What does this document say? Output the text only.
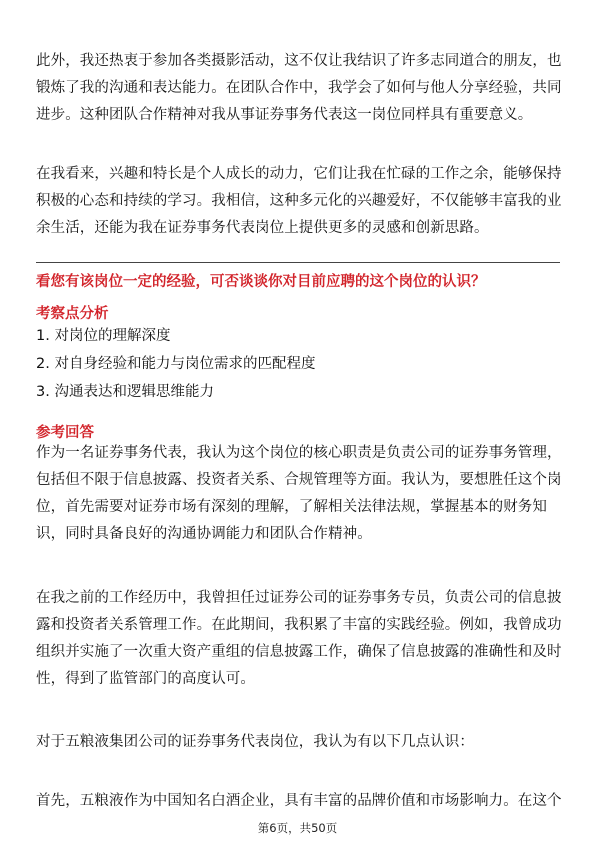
此外，我还热衷于参加各类摄影活动，这不仅让我结识了许多志同道合的朋友，也
锻炼了我的沟通和表达能力。在团队合作中，我学会了如何与他人分享经验，共同
进步。这种团队合作精神对我从事证券事务代表这一岗位同样具有重要意义。

在我看来，兴趣和特长是个人成长的动力，它们让我在忙碌的工作之余，能够保持
积极的心态和持续的学习。我相信，这种多元化的兴趣爱好，不仅能够丰富我的业
余生活，还能为我在证券事务代表岗位上提供更多的灵感和创新思路。

看您有该岗位一定的经验，可否谈谈你对目前应聘的这个岗位的认识？

考察点分析

1. 对岗位的理解深度
2. 对自身经验和能力与岗位需求的匹配程度
3. 沟通表达和逻辑思维能力

参考回答

作为一名证券事务代表，我认为这个岗位的核心职责是负责公司的证券事务管理，
包括但不限于信息披露、投资者关系、合规管理等方面。我认为，要想胜任这个岗
位，首先需要对证券市场有深刻的理解，了解相关法律法规，掌握基本的财务知
识，同时具备良好的沟通协调能力和团队合作精神。

在我之前的工作经历中，我曾担任过证券公司的证券事务专员，负责公司的信息披
露和投资者关系管理工作。在此期间，我积累了丰富的实践经验。例如，我曾成功
组织并实施了一次重大资产重组的信息披露工作，确保了信息披露的准确性和及时
性，得到了监管部门的高度认可。

对于五粮液集团公司的证券事务代表岗位，我认为有以下几点认识：

首先，五粮液作为中国知名白酒企业，具有丰富的品牌价值和市场影响力。在这个

第6页，共50页
